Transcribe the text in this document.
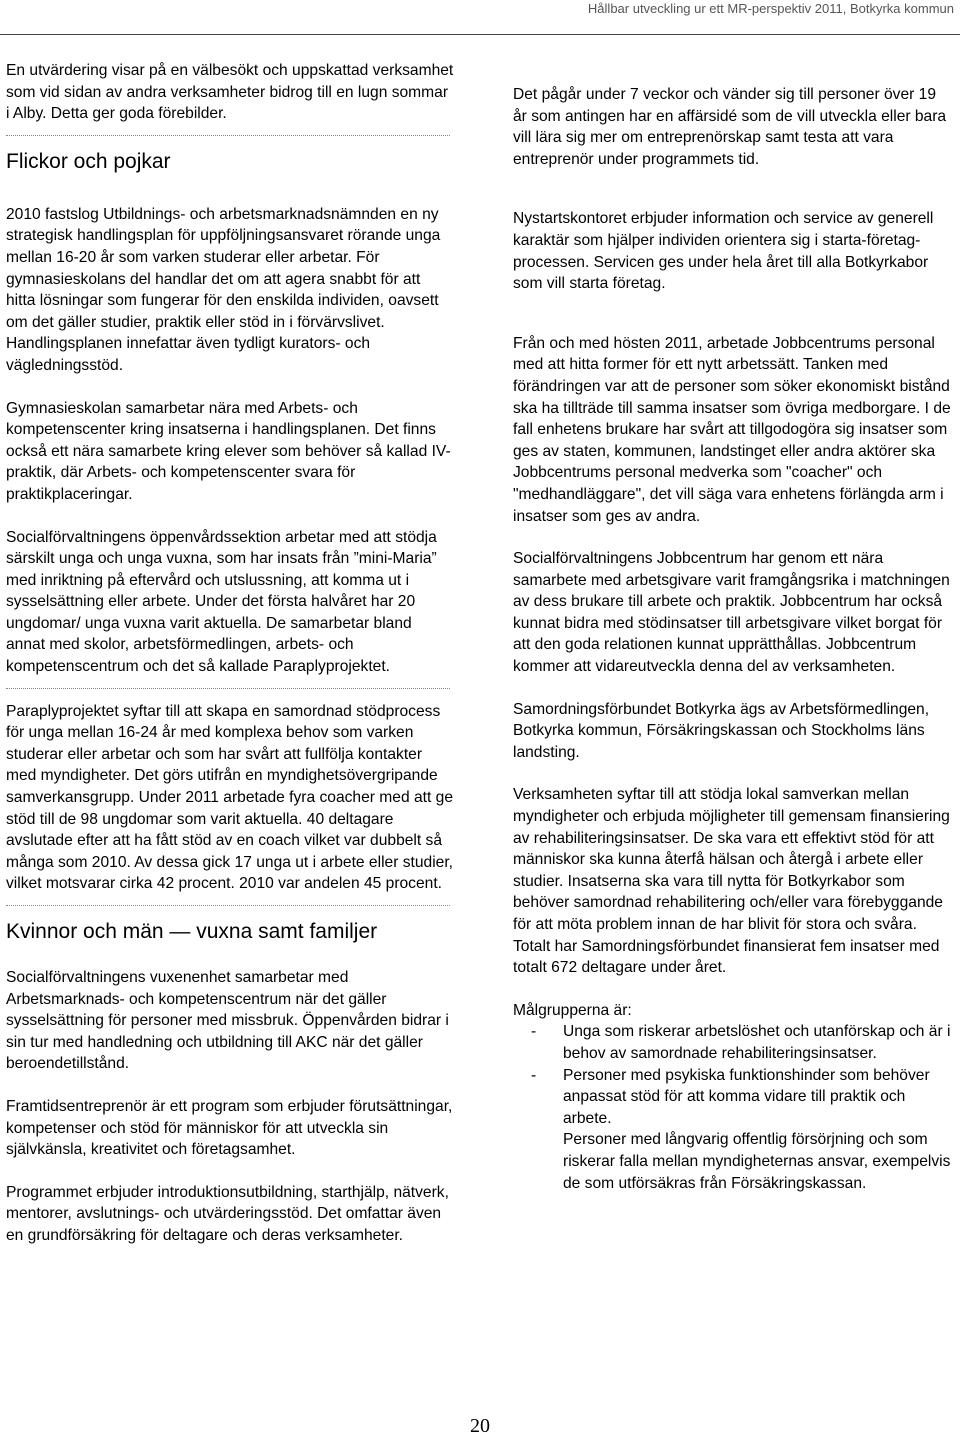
Hållbar utveckling ur ett MR-perspektiv 2011, Botkyrka kommun

En utvärdering visar på en välbesökt och uppskattad verksamhet som vid sidan av andra verksamheter bidrog till en lugn sommar i Alby. Detta ger goda förebilder.

Flickor och pojkar

2010 fastslog Utbildnings- och arbetsmarknadsnämnden en ny strategisk handlingsplan för uppföljningsansvaret rörande unga mellan 16-20 år som varken studerar eller arbetar. För gymnasieskolans del handlar det om att agera snabbt för att hitta lösningar som fungerar för den enskilda individen, oavsett om det gäller studier, praktik eller stöd in i förvärvslivet. Handlingsplanen innefattar även tydligt kurators- och vägledningsstöd.

Gymnasieskolan samarbetar nära med Arbets- och kompetenscenter kring insatserna i handlingsplanen. Det finns också ett nära samarbete kring elever som behöver så kallad IV-praktik, där Arbets- och kompetenscenter svara för praktikplaceringar.

Socialförvaltningens öppenvårdssektion arbetar med att stödja särskilt unga och unga vuxna, som har insats från ”mini-Maria” med inriktning på eftervård och utslussning, att komma ut i sysselsättning eller arbete. Under det första halvåret har 20 ungdomar/ unga vuxna varit aktuella. De samarbetar bland annat med skolor, arbetsförmedlingen, arbets- och kompetenscentrum och det så kallade Paraplyprojektet.

Paraplyprojektet syftar till att skapa en samordnad stödprocess för unga mellan 16-24 år med komplexa behov som varken studerar eller arbetar och som har svårt att fullfölja kontakter med myndigheter. Det görs utifrån en myndighetsövergripande samverkansgrupp. Under 2011 arbetade fyra coacher med att ge stöd till de 98 ungdomar som varit aktuella. 40 deltagare avslutade efter att ha fått stöd av en coach vilket var dubbelt så många som 2010. Av dessa gick 17 unga ut i arbete eller studier, vilket motsvarar cirka 42 procent. 2010 var andelen 45 procent.

Kvinnor och män — vuxna samt familjer

Socialförvaltningens vuxenenhet samarbetar med Arbetsmarknads- och kompetenscentrum när det gäller sysselsättning för personer med missbruk. Öppenvården bidrar i sin tur med handledning och utbildning till AKC när det gäller beroendetillstånd.

Framtidsentreprenör är ett program som erbjuder förutsättningar, kompetenser och stöd för människor för att utveckla sin självkänsla, kreativitet och företagsamhet.

Programmet erbjuder introduktionsutbildning, starthjälp, nätverk, mentorer, avslutnings- och utvärderingsstöd. Det omfattar även en grundförsäkring för deltagare och deras verksamheter.

Det pågår under 7 veckor och vänder sig till personer över 19 år som antingen har en affärsidé som de vill utveckla eller bara vill lära sig mer om entreprenörskap samt testa att vara entreprenör under programmets tid.

Nystartskontoret erbjuder information och service av generell karaktär som hjälper individen orientera sig i starta-företag-processen. Servicen ges under hela året till alla Botkyrkabor som vill starta företag.

Från och med hösten 2011, arbetade Jobbcentrums personal med att hitta former för ett nytt arbetssätt. Tanken med förändringen var att de personer som söker ekonomiskt bistånd ska ha tillträde till samma insatser som övriga medborgare. I de fall enhetens brukare har svårt att tillgodogöra sig insatser som ges av staten, kommunen, landstinget eller andra aktörer ska Jobbcentrums personal medverka som "coacher" och "medhandläggare", det vill säga vara enhetens förlängda arm i insatser som ges av andra.

Socialförvaltningens Jobbcentrum har genom ett nära samarbete med arbetsgivare varit framgångsrika i matchningen av dess brukare till arbete och praktik. Jobbcentrum har också kunnat bidra med stödinsatser till arbetsgivare vilket borgat för att den goda relationen kunnat upprätthållas. Jobbcentrum kommer att vidareutveckla denna del av verksamheten.

Samordningsförbundet Botkyrka ägs av Arbetsförmedlingen, Botkyrka kommun, Försäkringskassan och Stockholms läns landsting.

Verksamheten syftar till att stödja lokal samverkan mellan myndigheter och erbjuda möjligheter till gemensam finansiering av rehabiliteringsinsatser. De ska vara ett effektivt stöd för att människor ska kunna återfå hälsan och återgå i arbete eller studier. Insatserna ska vara till nytta för Botkyrkabor som behöver samordnad rehabilitering och/eller vara förebyggande för att möta problem innan de har blivit för stora och svåra. Totalt har Samordningsförbundet finansierat fem insatser med totalt 672 deltagare under året.

Målgrupperna är:

- Unga som riskerar arbetslöshet och utanförskap och är i behov av samordnade rehabiliteringsinsatser.
- Personer med psykiska funktionshinder som behöver anpassat stöd för att komma vidare till praktik och arbete.

Personer med långvarig offentlig försörjning och som riskerar falla mellan myndigheternas ansvar, exempelvis de som utförsäkras från Försäkringskassan.

20
